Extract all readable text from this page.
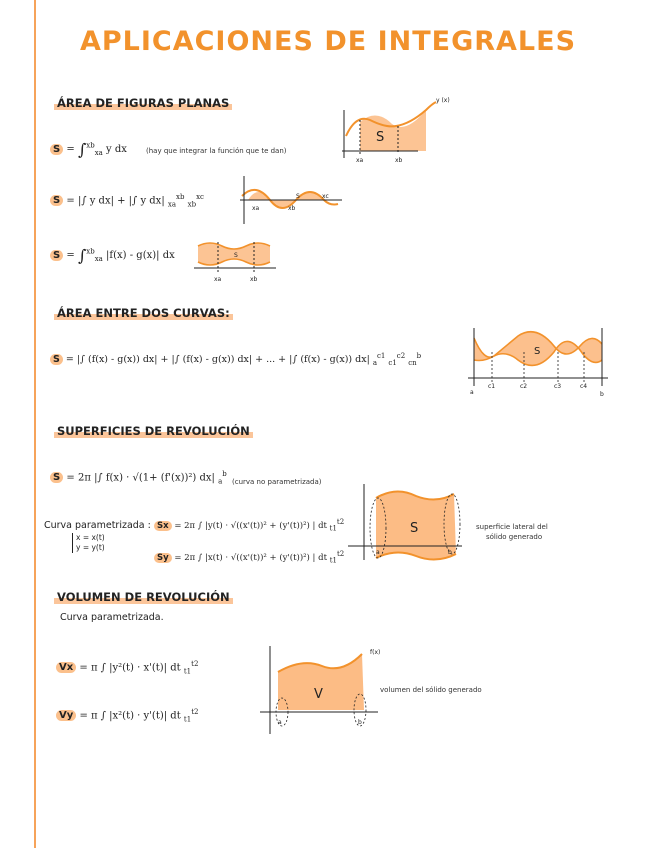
APLICACIONES DE INTEGRALES
ÁREA DE FIGURAS PLANAS
S = ∫$^{xb}_{xa}$ y dx	(hay que integrar la función que te dan)
S = |∫ y dx| + |∫ y dx| $_{xa}^{xb}$ $_{xb}^{xc}$
S = ∫$^{xb}_{xa}$ |f(x) - g(x)| dx
S
xa	xb
y (x)
S
xa	xb
xc
S
xa	xb
ÁREA ENTRE DOS CURVAS:
S = |∫ (f(x) - g(x)) dx| + |∫ (f(x) - g(x)) dx| + ... + |∫ (f(x) - g(x)) dx| $_a^{c1}$ $_{c1}^{c2}$ $_{cn}^b$	S
a
c1	c2	c3	c4
b
SUPERFICIES DE REVOLUCIÓN
S = 2π |∫ f(x) · √(1+ (f'(x))²) dx| $_a^b$
(curva no parametrizada)
Curva parametrizada :
x = x(t)
y = y(t)
Sx = 2π ∫ |y(t) · √((x'(t))² + (y'(t))²) | dt $_{t1}^{t2}$
Sy = 2π ∫ |x(t) · √((x'(t))² + (y'(t))²) | dt $_{t1}^{t2}$
S
a	b
superficie lateral del
sólido generado
VOLUMEN DE REVOLUCIÓN
Curva parametrizada.
Vx = π ∫ |y²(t) · x'(t)| dt $_{t1}^{t2}$
Vy = π ∫ |x²(t) · y'(t)| dt $_{t1}^{t2}$
V
f(x)
a	b
volumen del sólido generado
